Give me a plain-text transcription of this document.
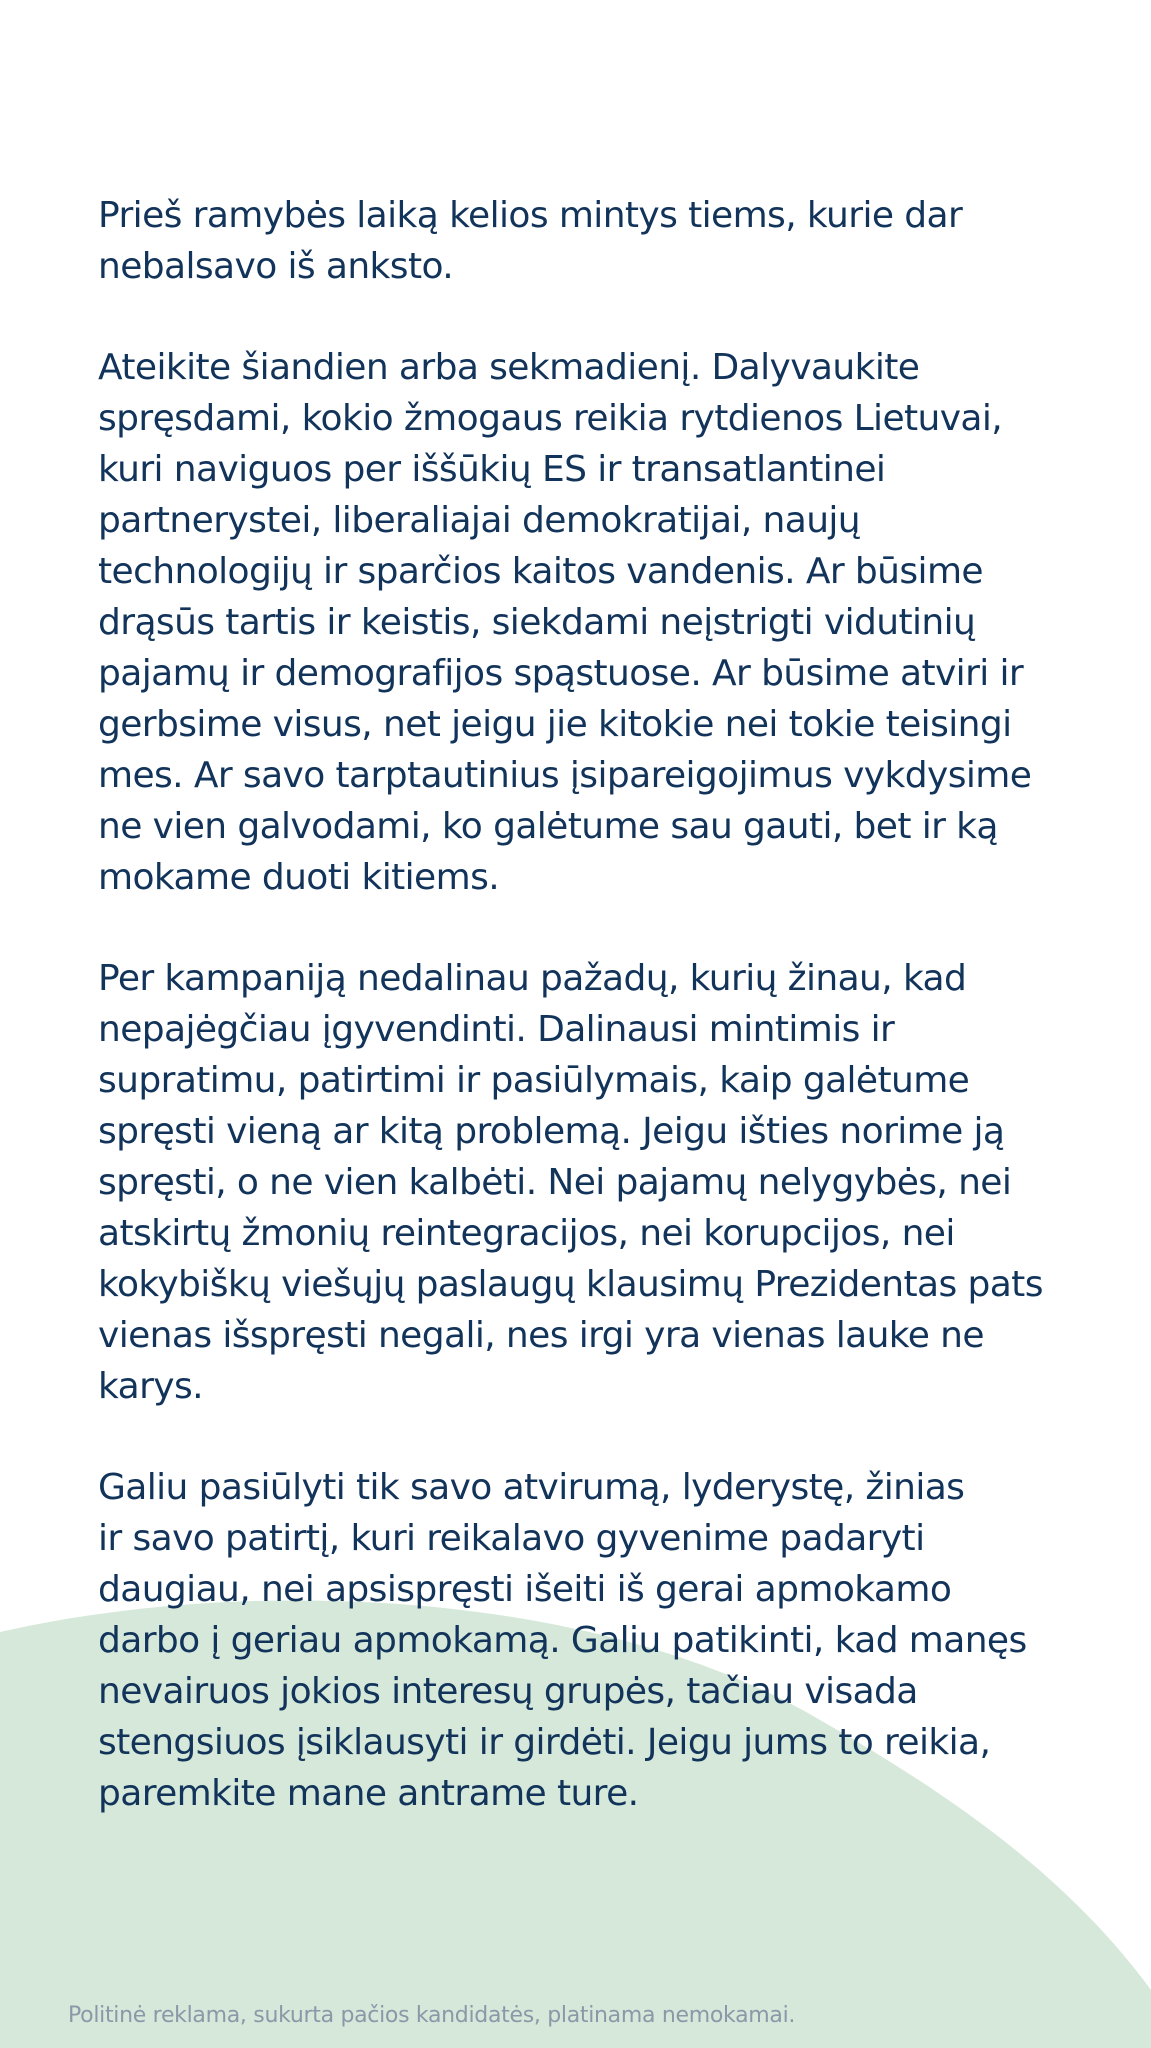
Prieš ramybės laiką kelios mintys tiems, kurie dar
nebalsavo iš anksto.

Ateikite šiandien arba sekmadienį. Dalyvaukite
spręsdami, kokio žmogaus reikia rytdienos Lietuvai,
kuri naviguos per iššūkių ES ir transatlantinei
partnerystei, liberaliajai demokratijai, naujų
technologijų ir sparčios kaitos vandenis. Ar būsime
drąsūs tartis ir keistis, siekdami neįstrigti vidutinių
pajamų ir demografijos spąstuose. Ar būsime atviri ir
gerbsime visus, net jeigu jie kitokie nei tokie teisingi
mes. Ar savo tarptautinius įsipareigojimus vykdysime
ne vien galvodami, ko galėtume sau gauti, bet ir ką
mokame duoti kitiems.

Per kampaniją nedalinau pažadų, kurių žinau, kad
nepajėgčiau įgyvendinti. Dalinausi mintimis ir
supratimu, patirtimi ir pasiūlymais, kaip galėtume
spręsti vieną ar kitą problemą. Jeigu išties norime ją
spręsti, o ne vien kalbėti. Nei pajamų nelygybės, nei
atskirtų žmonių reintegracijos, nei korupcijos, nei
kokybiškų viešųjų paslaugų klausimų Prezidentas pats
vienas išspręsti negali, nes irgi yra vienas lauke ne
karys.

Galiu pasiūlyti tik savo atvirumą, lyderystę, žinias
ir savo patirtį, kuri reikalavo gyvenime padaryti
daugiau, nei apsispręsti išeiti iš gerai apmokamo
darbo į geriau apmokamą. Galiu patikinti, kad manęs
nevairuos jokios interesų grupės, tačiau visada
stengsiuos įsiklausyti ir girdėti. Jeigu jums to reikia,
paremkite mane antrame ture.

Politinė reklama, sukurta pačios kandidatės, platinama nemokamai.
